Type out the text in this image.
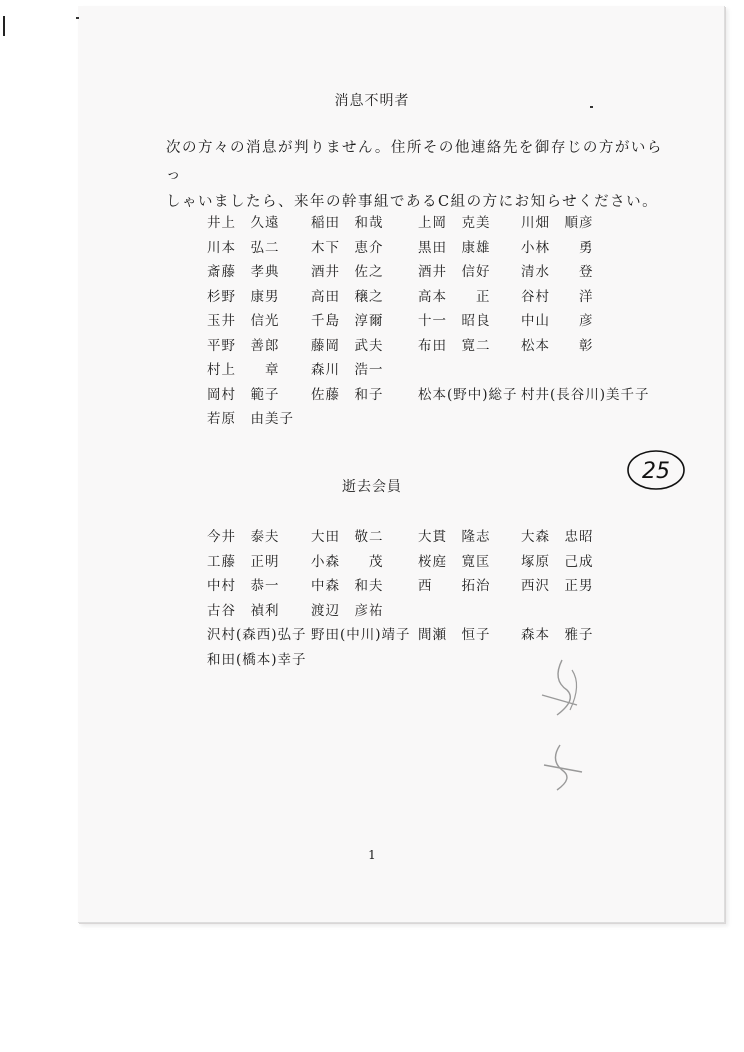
消息不明者

次の方々の消息が判りません。住所その他連絡先を御存じの方がいらっ
しゃいましたら、来年の幹事組であるC組の方にお知らせください。

井上　久遠 稲田　和哉	上岡　克美 川畑　順彦
川本　弘二 木下　恵介	黒田　康雄 小林　　勇
斎藤　孝典 酒井　佐之	酒井　信好 清水　　登
杉野　康男 高田　穣之	高本　　正 谷村　　洋
玉井　信光 千島　淳爾	十一　昭良 中山　　彦
平野　善郎 藤岡　武夫	布田　寛二 松本　　彰
村上　　章 森川　浩一
岡村　範子 佐藤　和子	松本(野中)総子 村井(長谷川)美千子
若原　由美子
逝去会員
今井　泰夫 大田　敬二	大貫　隆志 大森　忠昭
工藤　正明 小森　　茂	桜庭　寛匡 塚原　己成
中村　恭一 中森　和夫	西　　拓治 西沢　正男
古谷　禎利 渡辺　彦祐
沢村(森西)弘子 野田(中川)靖子 間瀬　恒子 森本　雅子
和田(橋本)幸子
25
1
